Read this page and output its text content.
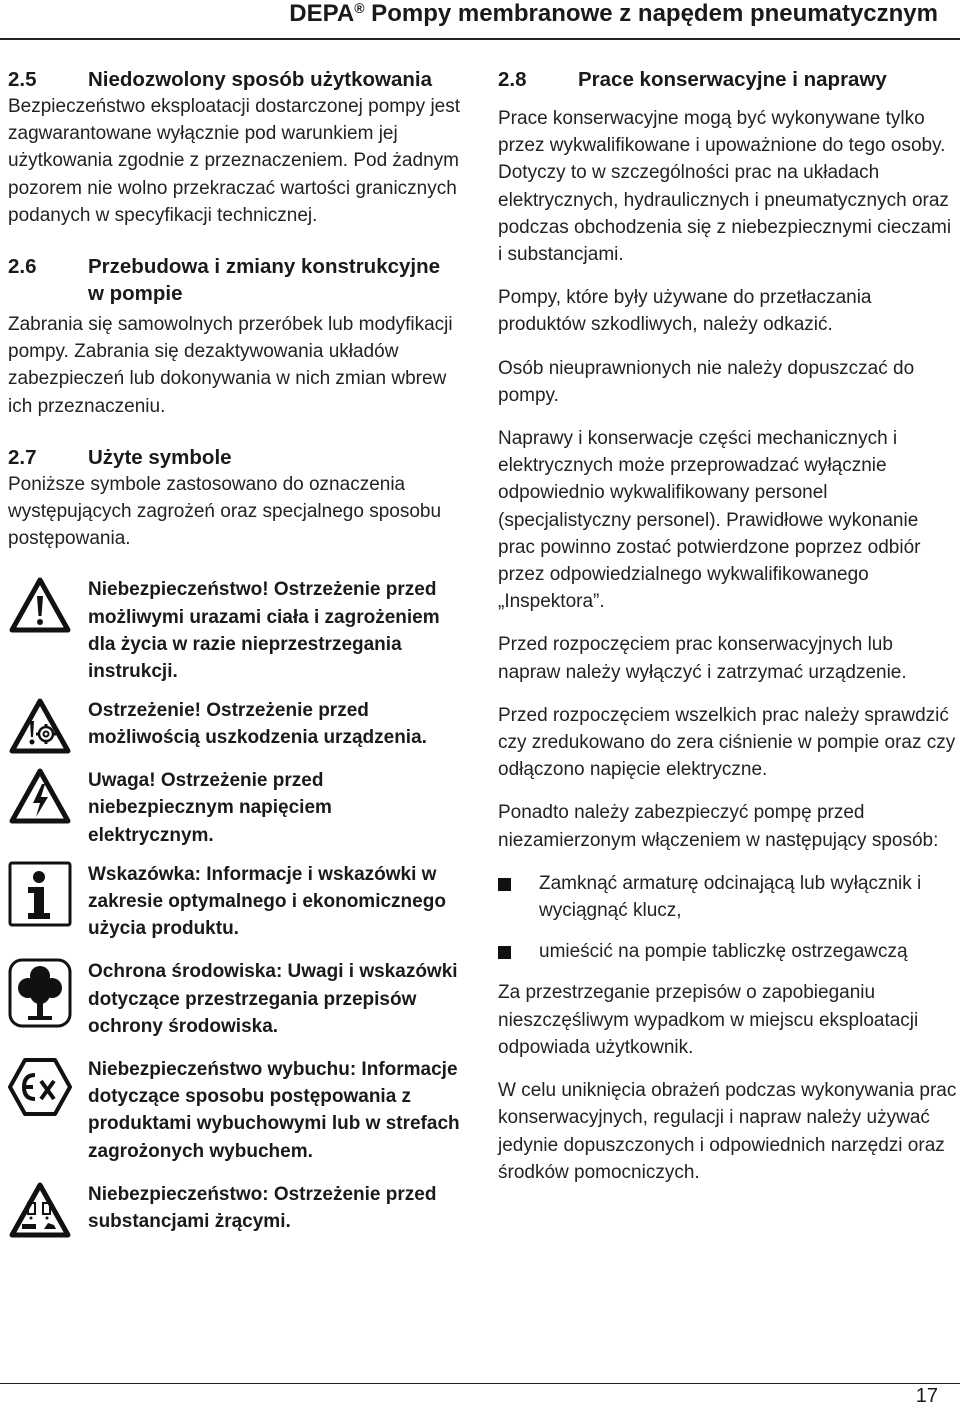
DEPA® Pompy membranowe z napędem pneumatycznym
2.5	Niedozwolony sposób użytkowania

Bezpieczeństwo eksploatacji dostarczonej pompy jest zagwarantowane wyłącznie pod warunkiem jej użytkowania zgodnie z przeznaczeniem. Pod żadnym pozorem nie wolno przekraczać wartości granicznych podanych w specyfikacji technicznej.

2.6	Przebudowa i zmiany konstrukcyjne w pompie

Zabrania się samowolnych przeróbek lub modyfikacji pompy. Zabrania się dezaktywowania układów zabezpieczeń lub dokonywania w nich zmian wbrew ich przeznaczeniu.

2.7	Użyte symbole

Poniższe symbole zastosowano do oznaczenia występujących zagrożeń oraz specjalnego sposobu postępowania.

Niebezpieczeństwo! Ostrzeżenie przed możliwymi urazami ciała i zagrożeniem dla życia w razie nieprzestrzegania instrukcji.

Ostrzeżenie! Ostrzeżenie przed możliwością uszkodzenia urządzenia.

Uwaga! Ostrzeżenie przed niebezpiecznym napięciem elektrycznym.

Wskazówka: Informacje i wskazówki w zakresie optymalnego i ekonomicznego użycia produktu.

Ochrona środowiska: Uwagi i wskazówki dotyczące przestrzegania przepisów ochrony środowiska.

Niebezpieczeństwo wybuchu: Informacje dotyczące sposobu postępowania z produktami wybuchowymi lub w strefach zagrożonych wybuchem.

Niebezpieczeństwo: Ostrzeżenie przed substancjami żrącymi.

2.8	Prace konserwacyjne i naprawy

Prace konserwacyjne mogą być wykonywane tylko przez wykwalifikowane i upoważnione do tego osoby. Dotyczy to w szczególności prac na układach elektrycznych, hydraulicznych i pneumatycznych oraz podczas obchodzenia się z niebezpiecznymi cieczami i substancjami.

Pompy, które były używane do przetłaczania produktów szkodliwych, należy odkazić.

Osób nieuprawnionych nie należy dopuszczać do pompy.

Naprawy i konserwacje części mechanicznych i elektrycznych może przeprowadzać wyłącznie odpowiednio wykwalifikowany personel (specjalistyczny personel). Prawidłowe wykonanie prac powinno zostać potwierdzone poprzez odbiór przez odpowiedzialnego wykwalifikowanego „Inspektora”.

Przed rozpoczęciem prac konserwacyjnych lub napraw należy wyłączyć i zatrzymać urządzenie.

Przed rozpoczęciem wszelkich prac należy sprawdzić czy zredukowano do zera ciśnienie w pompie oraz czy odłączono napięcie elektryczne.

Ponadto należy zabezpieczyć pompę przed niezamierzonym włączeniem w następujący sposób:

Zamknąć armaturę odcinającą lub wyłącznik i wyciągnąć klucz,
umieścić na pompie tabliczkę ostrzegawczą

Za przestrzeganie przepisów o zapobieganiu nieszczęśliwym wypadkom w miejscu eksploatacji odpowiada użytkownik.

W celu uniknięcia obrażeń podczas wykonywania prac konserwacyjnych, regulacji i napraw należy używać jedynie dopuszczonych i odpowiednich narzędzi oraz środków pomocniczych.

17
